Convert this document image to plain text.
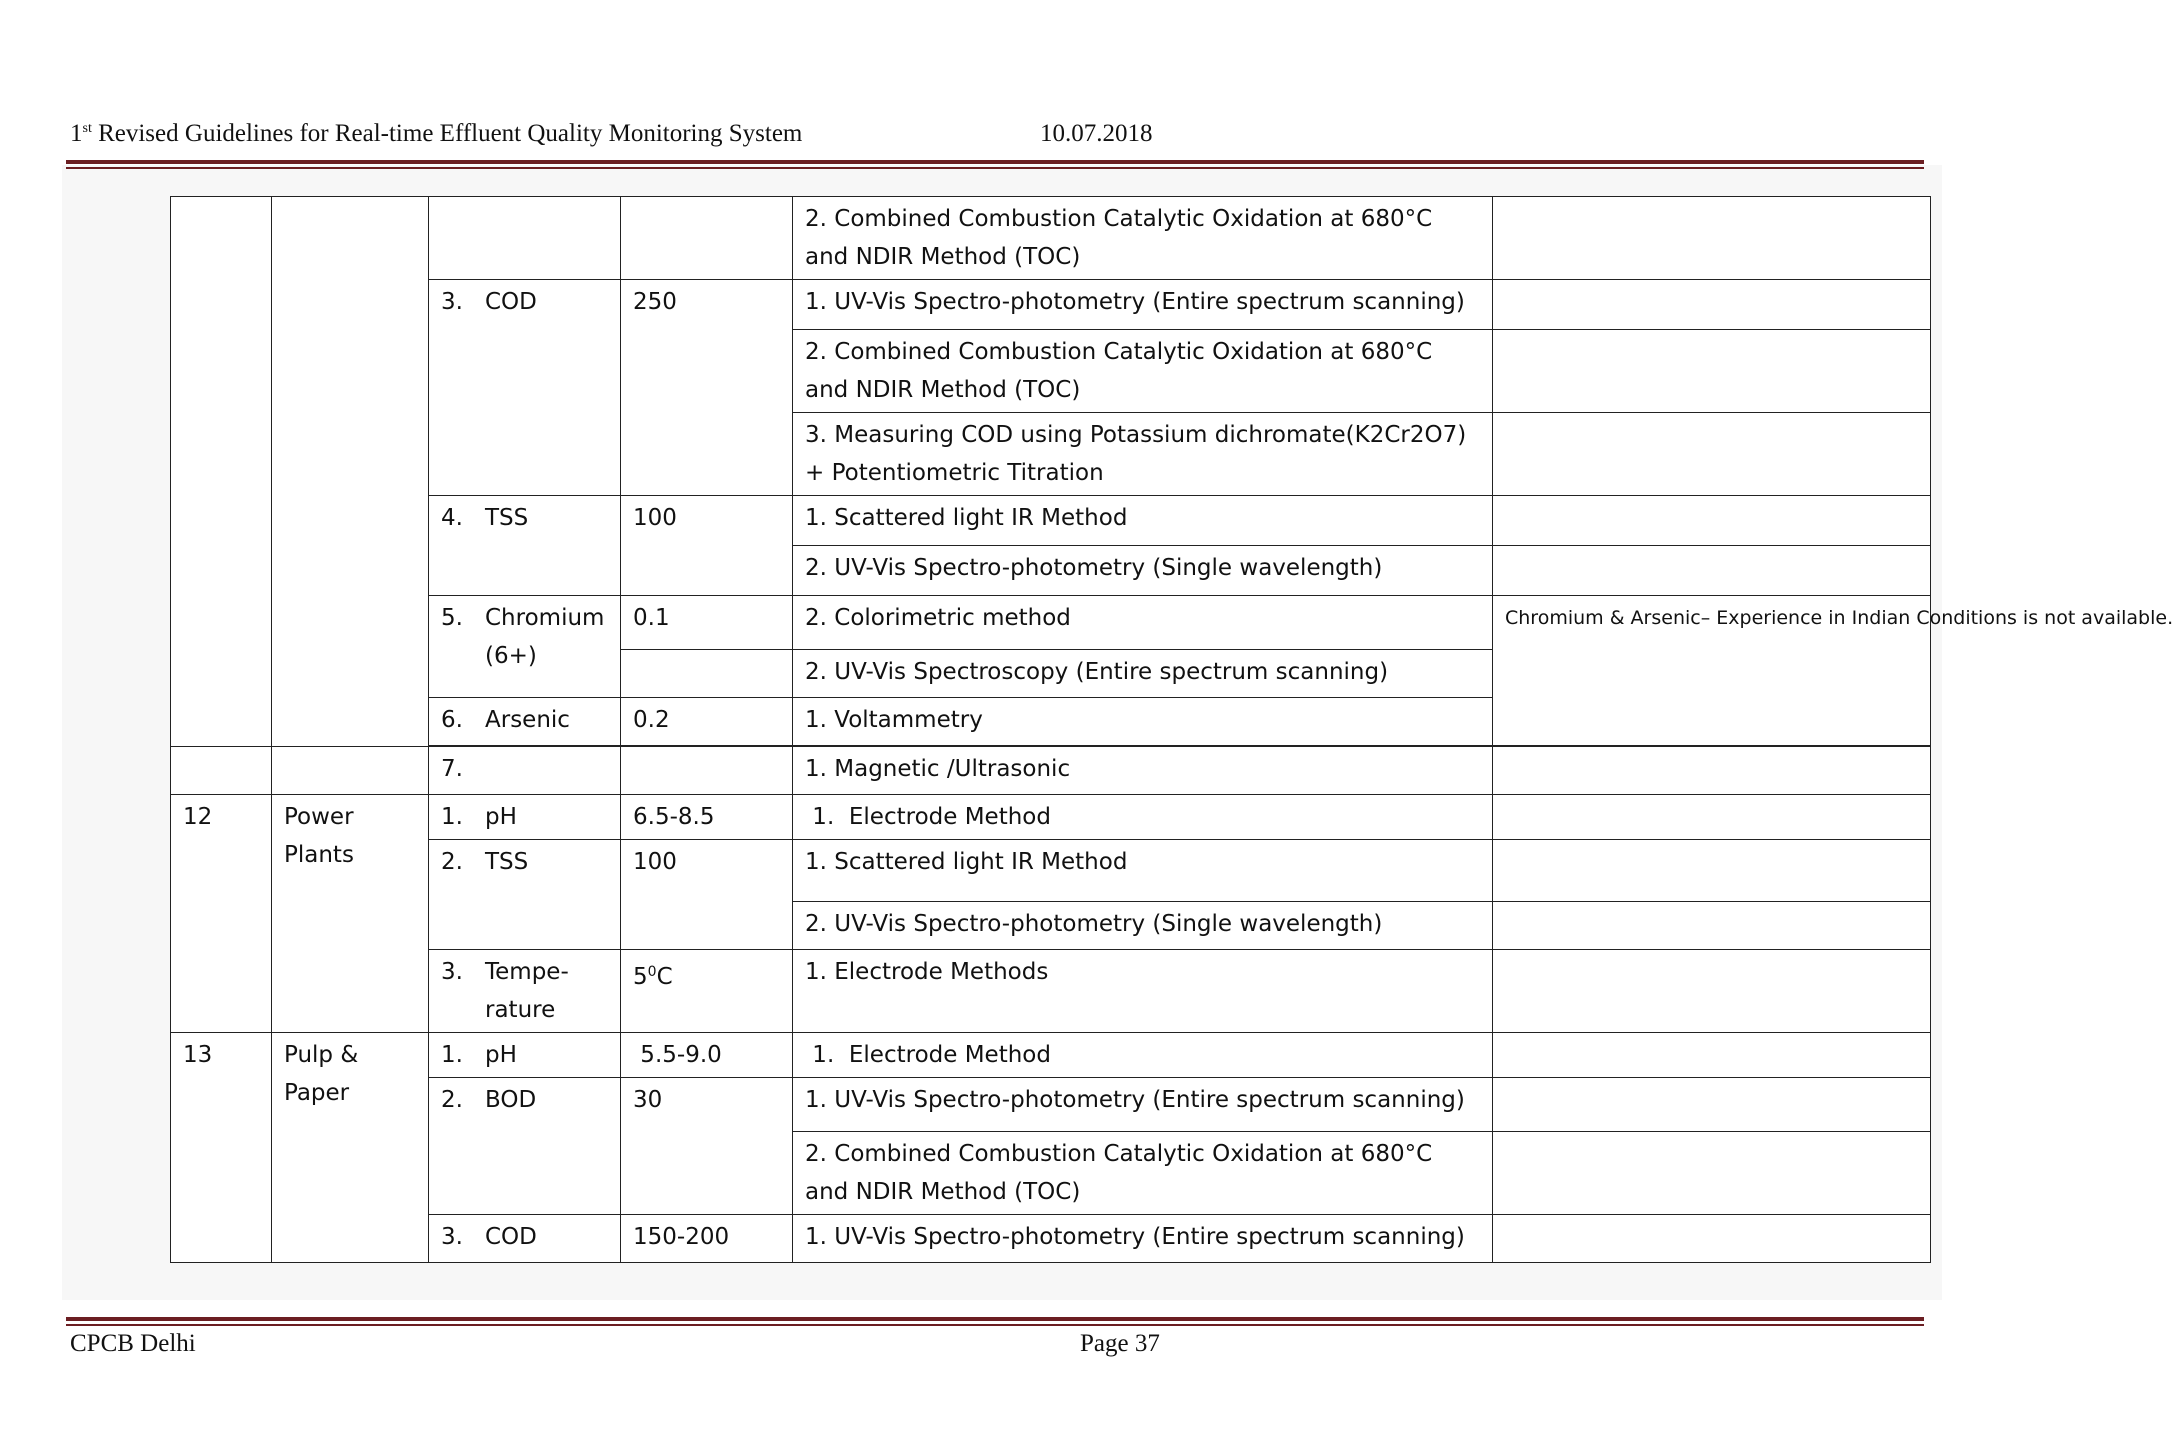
1st Revised Guidelines for Real-time Effluent Quality Monitoring System	10.07.2018
				2. Combined Combustion Catalytic Oxidation at 680°C and NDIR Method (TOC)	
		3. COD	250	1. UV-Vis Spectro-photometry (Entire spectrum scanning)	
				2. Combined Combustion Catalytic Oxidation at 680°C and NDIR Method (TOC)	
				3. Measuring COD using Potassium dichromate(K2Cr2O7) + Potentiometric Titration	
		4. TSS	100	1. Scattered light IR Method	
				2. UV-Vis Spectro-photometry (Single wavelength)	
		5. Chromium (6+)	0.1	2. Colorimetric method	Chromium & Arsenic– Experience in Indian Conditions is not available.
				2. UV-Vis Spectroscopy (Entire spectrum scanning)	
		6. Arsenic	0.2	1. Voltammetry	

		7.		1. Magnetic /Ultrasonic	
12	Power Plants	1. pH	6.5-8.5	1.  Electrode Method	
		2. TSS	100	1. Scattered light IR Method	
				2. UV-Vis Spectro-photometry (Single wavelength)	
		3. Tempe-rature	$5^0C$	1. Electrode Methods	
13	Pulp & Paper	1. pH	5.5-9.0	1.  Electrode Method	
		2. BOD	30	1. UV-Vis Spectro-photometry (Entire spectrum scanning)	
				2. Combined Combustion Catalytic Oxidation at 680°C and NDIR Method (TOC)	
		3. COD	150-200	1. UV-Vis Spectro-photometry (Entire spectrum scanning)	
CPCB Delhi	Page 37
